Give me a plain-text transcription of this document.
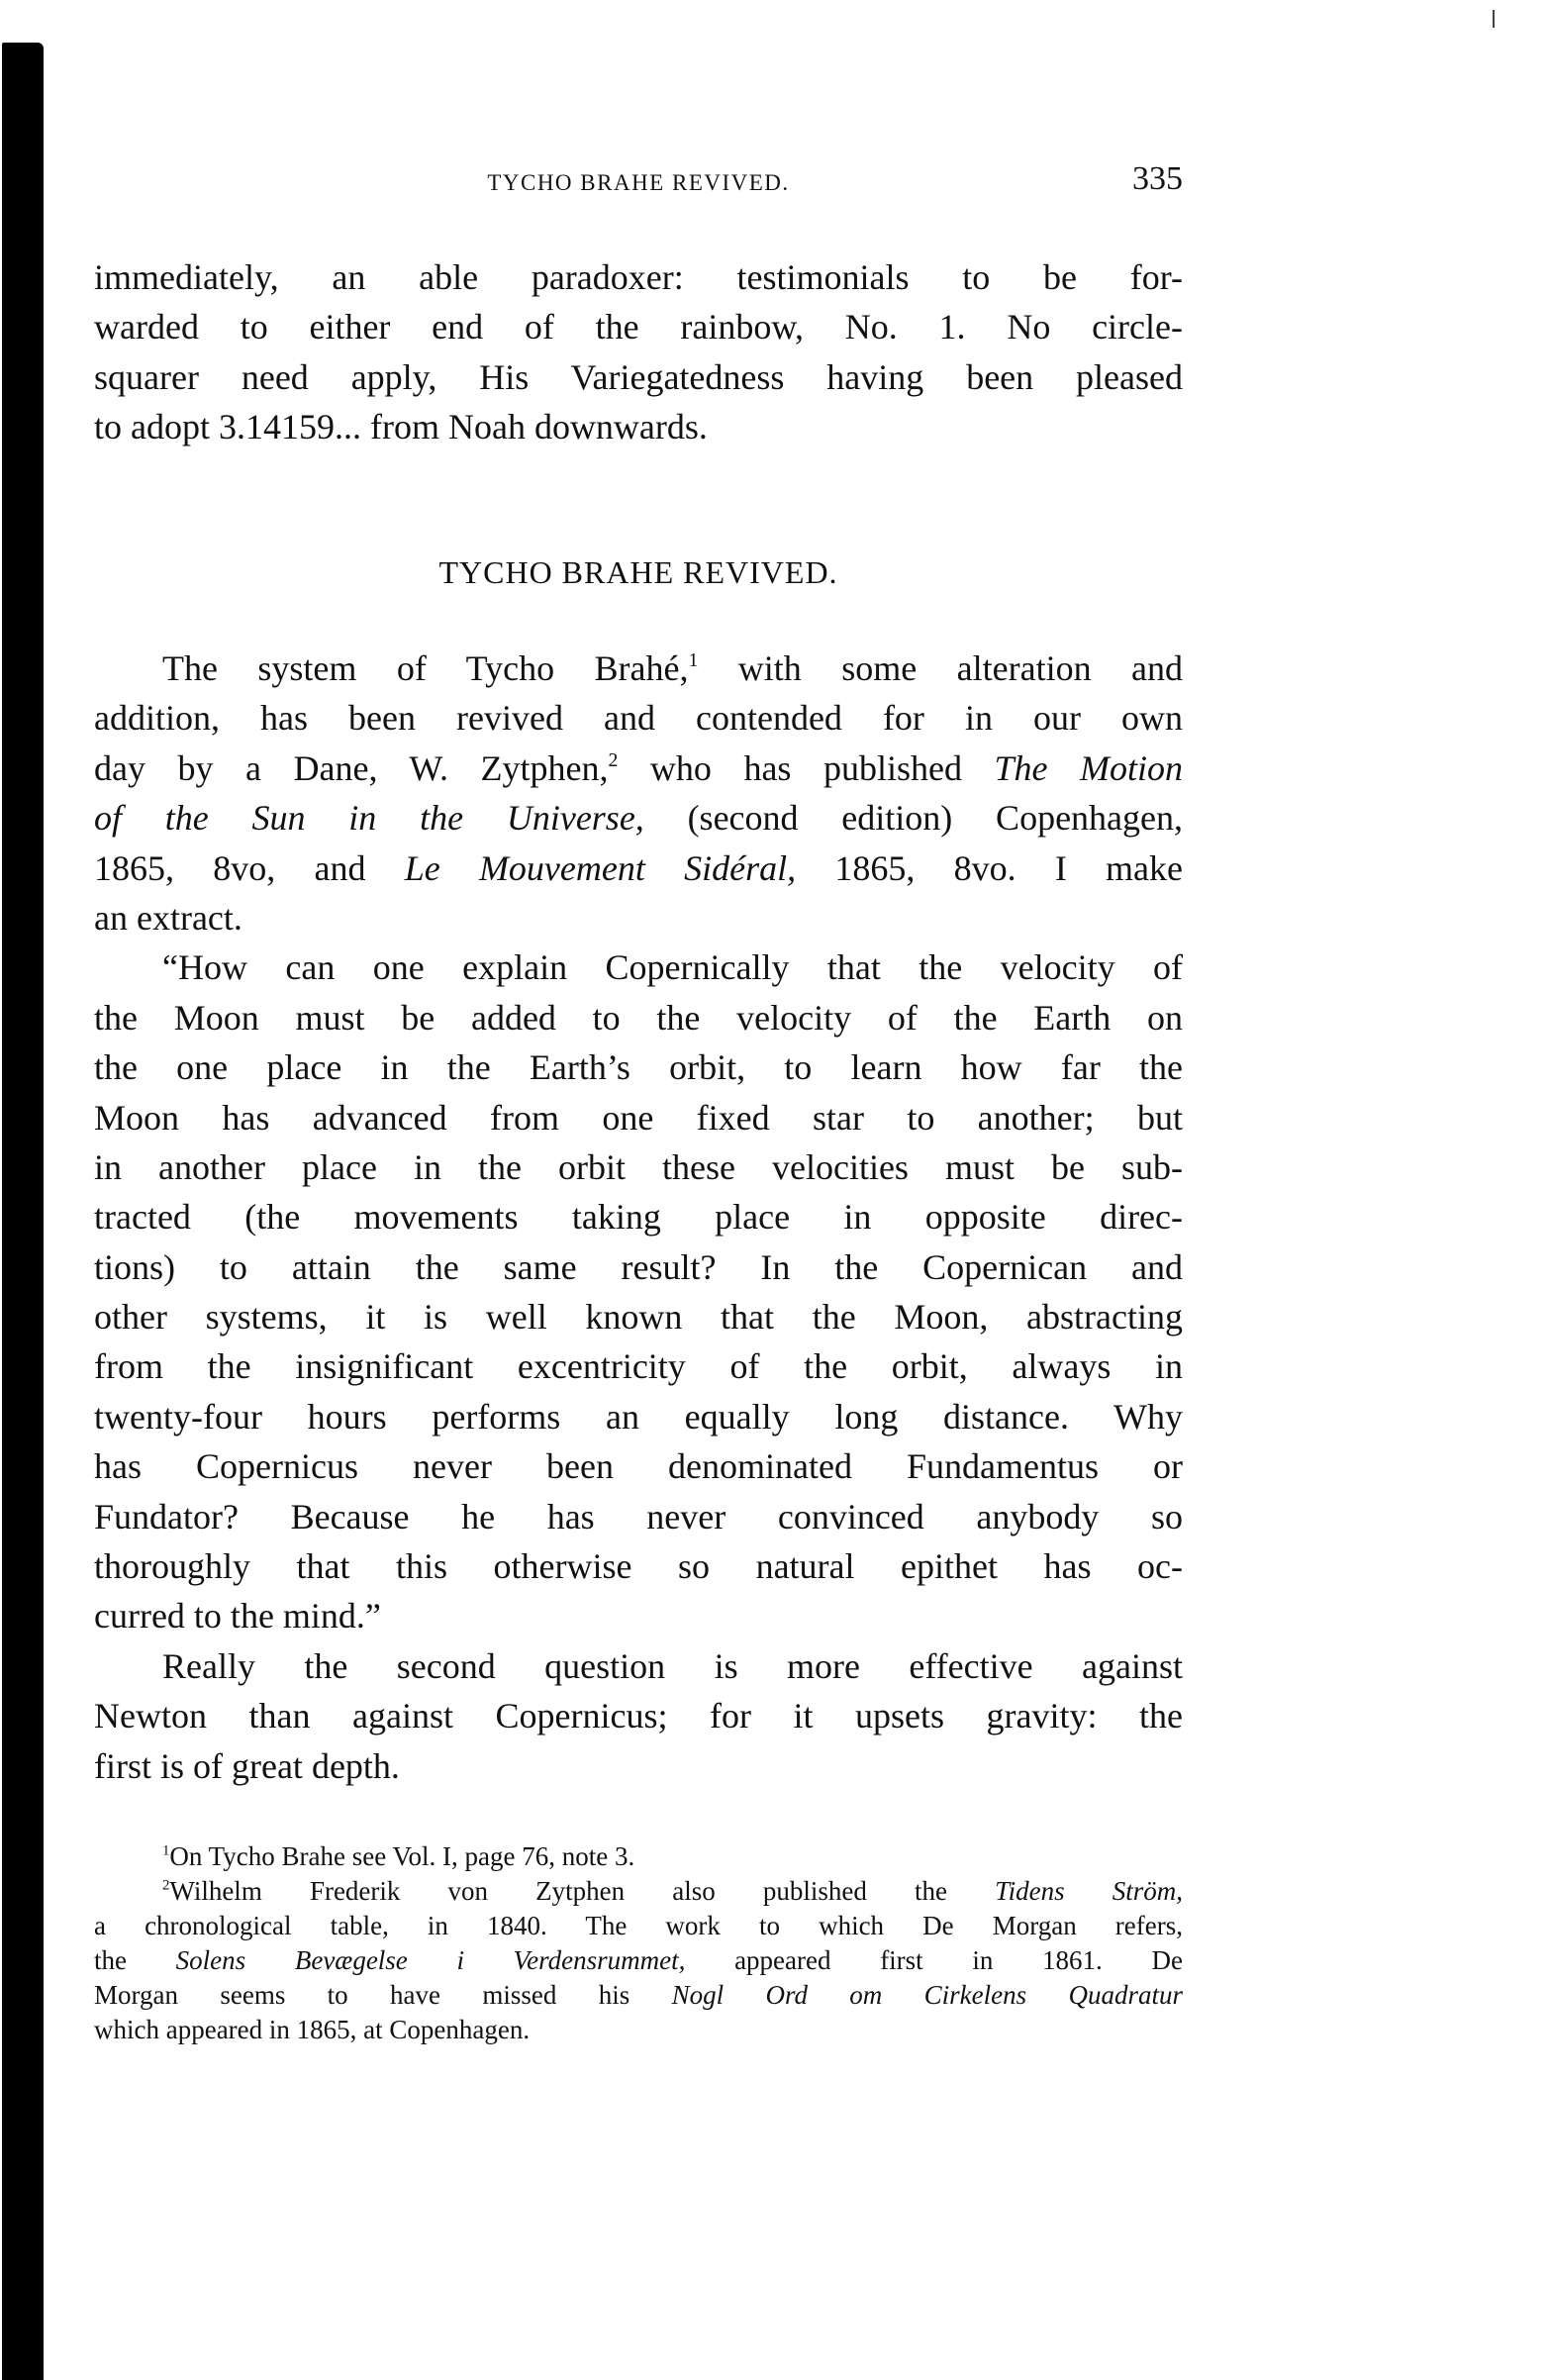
TYCHO BRAHE REVIVED.	335
immediately, an able paradoxer: testimonials to be for-
warded to either end of the rainbow, No. 1. No circle-
squarer need apply, His Variegatedness having been pleased
to adopt 3.14159... from Noah downwards.
TYCHO BRAHE REVIVED.
The system of Tycho Brahé,$^1$ with some alteration and
addition, has been revived and contended for in our own
day by a Dane, W. Zytphen,$^2$ who has published The Motion
of the Sun in the Universe, (second edition) Copenhagen,
1865, 8vo, and Le Mouvement Sidéral, 1865, 8vo. I make
an extract.
“How can one explain Copernically that the velocity of
the Moon must be added to the velocity of the Earth on
the one place in the Earth’s orbit, to learn how far the
Moon has advanced from one fixed star to another; but
in another place in the orbit these velocities must be sub-
tracted (the movements taking place in opposite direc-
tions) to attain the same result? In the Copernican and
other systems, it is well known that the Moon, abstracting
from the insignificant excentricity of the orbit, always in
twenty-four hours performs an equally long distance. Why
has Copernicus never been denominated Fundamentus or
Fundator? Because he has never convinced anybody so
thoroughly that this otherwise so natural epithet has oc-
curred to the mind.”
Really the second question is more effective against
Newton than against Copernicus; for it upsets gravity: the
first is of great depth.
$^1$On Tycho Brahe see Vol. I, page 76, note 3.
$^2$Wilhelm Frederik von Zytphen also published the Tidens Ström,
a chronological table, in 1840. The work to which De Morgan refers,
the Solens Bevægelse i Verdensrummet, appeared first in 1861. De
Morgan seems to have missed his Nogl Ord om Cirkelens Quadratur
which appeared in 1865, at Copenhagen.
